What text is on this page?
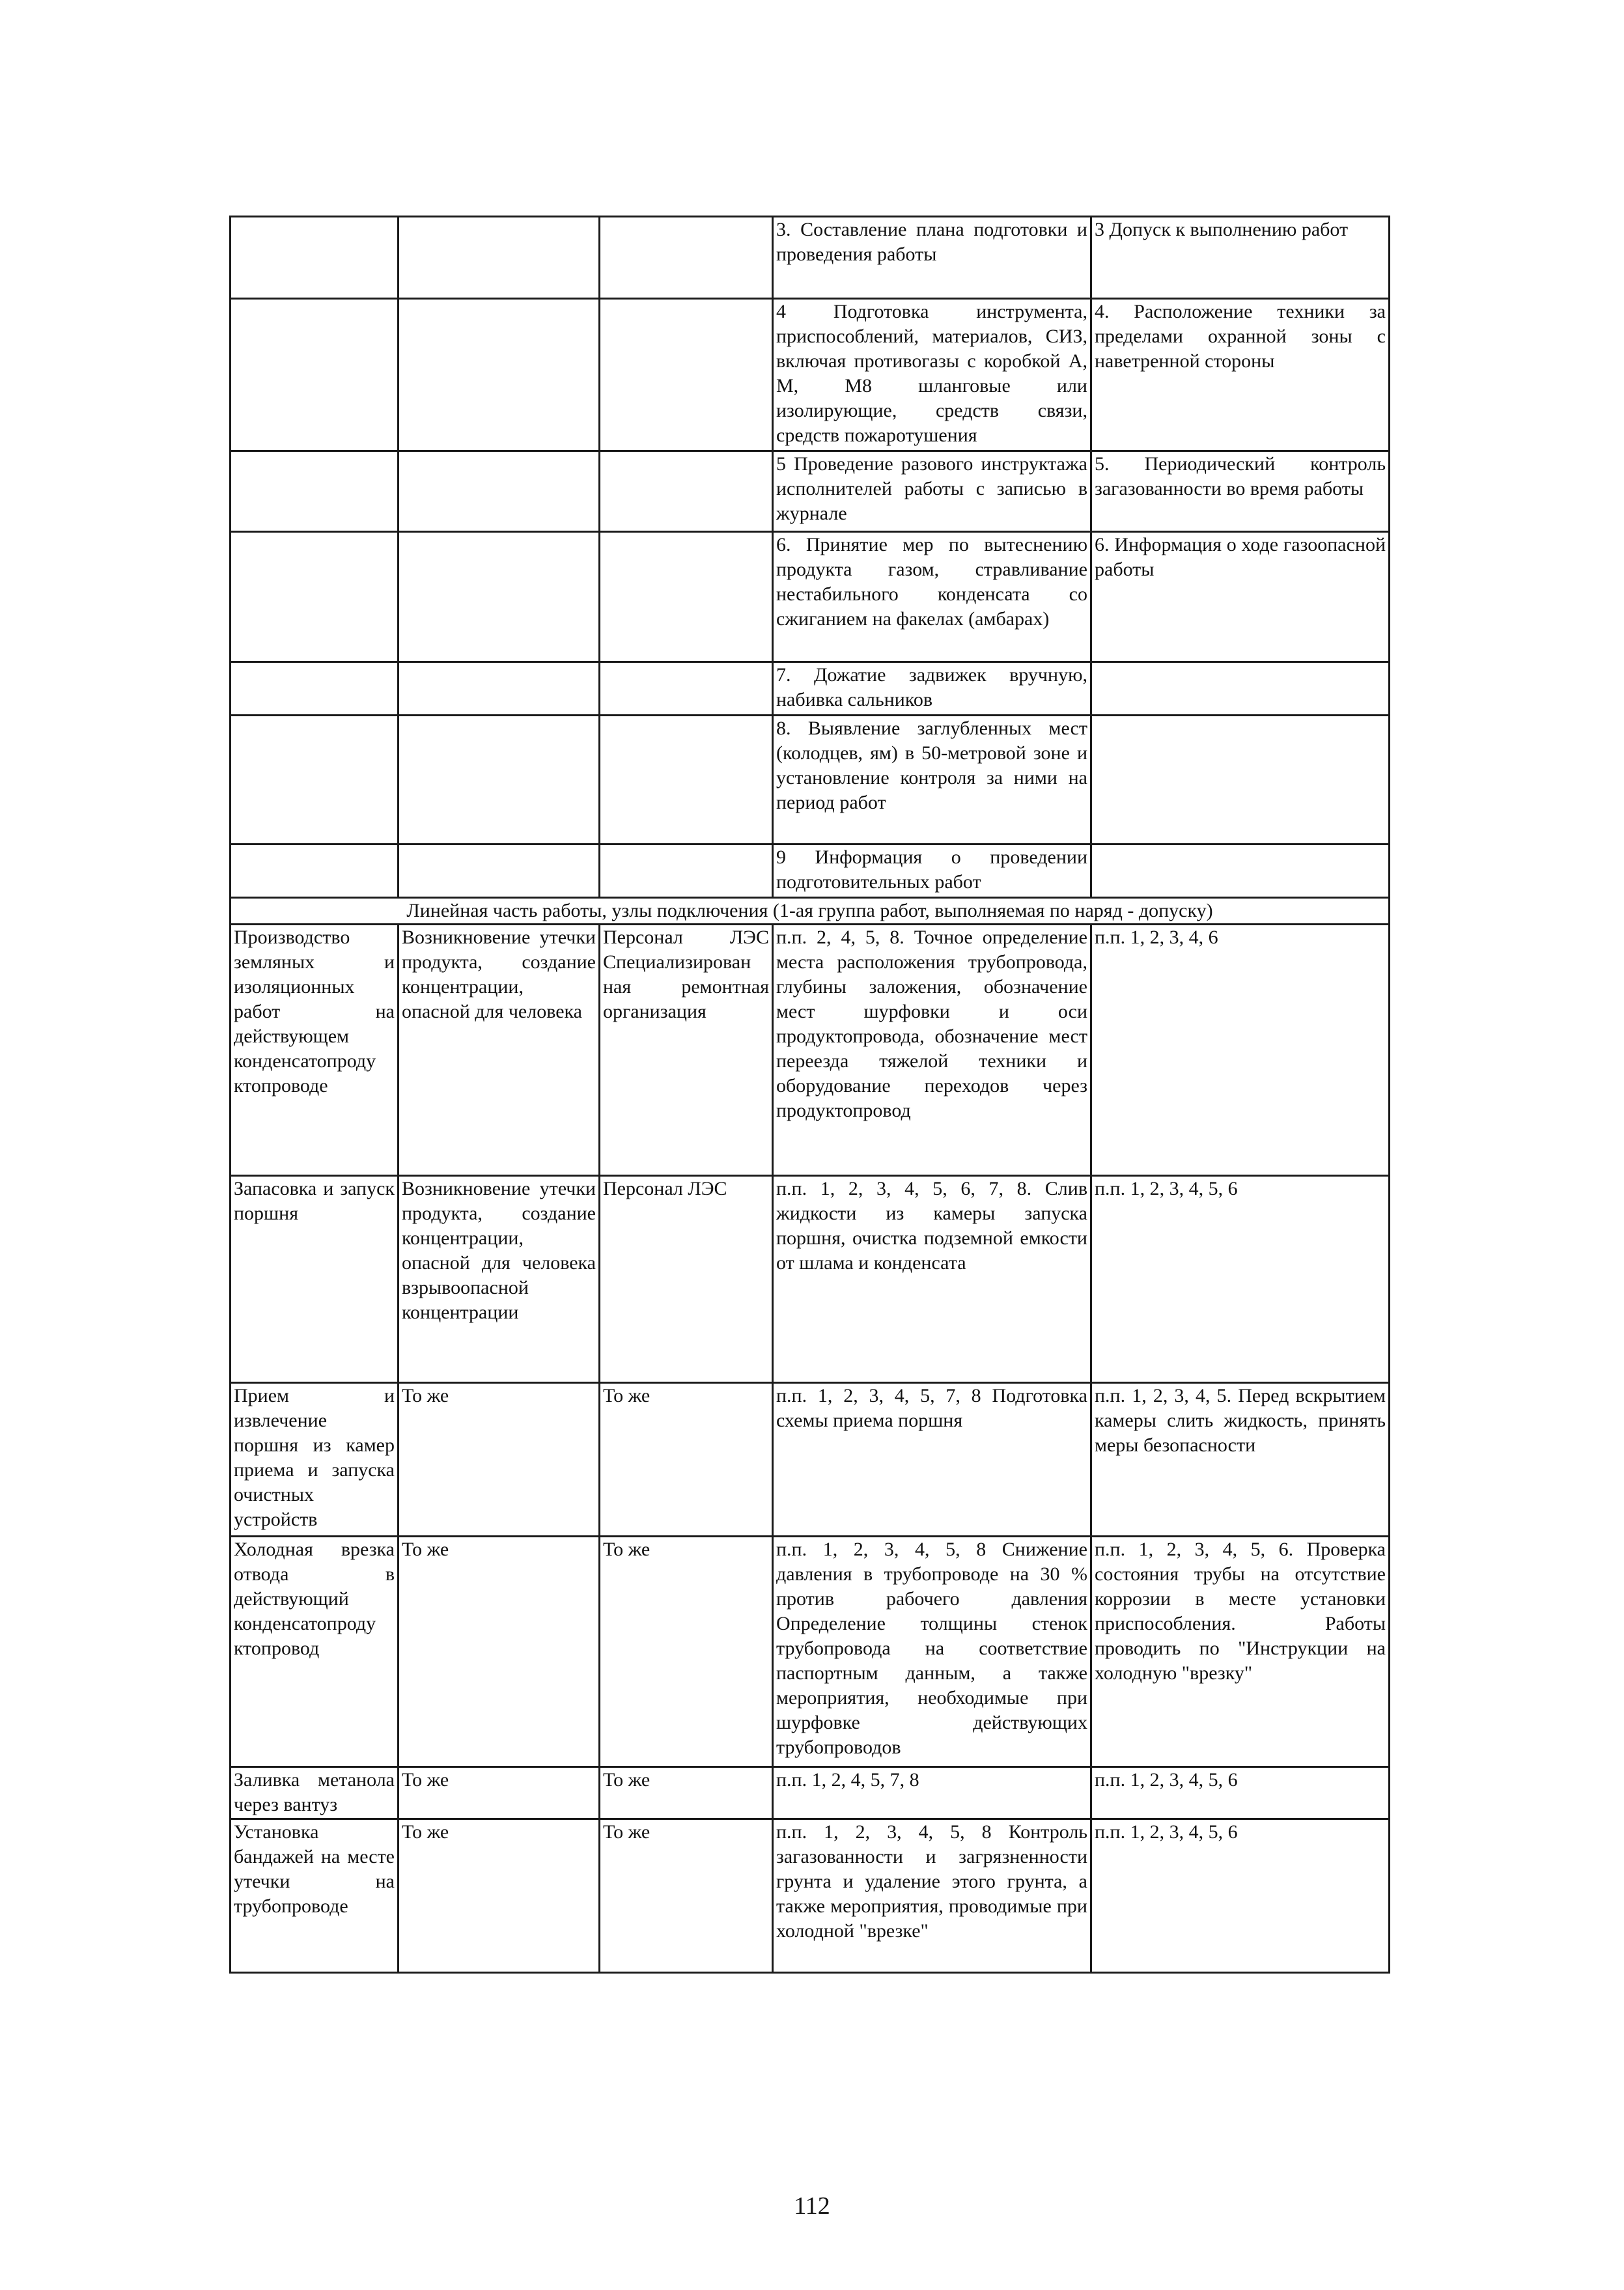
			3. Составление плана подготовки и проведения работы	3 Допуск к выполнению работ
			4 Подготовка инструмента, приспособлений, материалов, СИЗ, включая противогазы с коробкой А, М, М8 шланговые или изолирующие, средств связи, средств пожаротушения	4. Расположение техники за пределами охранной зоны с наветренной стороны
			5 Проведение разового инструктажа исполнителей работы с записью в журнале	5. Периодический контроль загазованности во время работы
			6. Принятие мер по вытеснению продукта газом, стравливание нестабильного конденсата со сжиганием на факелах (амбарах)	6. Информация о ходе газоопасной работы
			7. Дожатие задвижек вручную, набивка сальников	
			8. Выявление заглубленных мест (колодцев, ям) в 50-метровой зоне и установление контроля за ними на период работ	
			9 Информация о проведении подготовительных работ	
Линейная часть работы, узлы подключения (1-ая группа работ, выполняемая по наряд - допуску)				
Производство земляных и изоляционных работ на действующем конденсатопроду ктопроводе	Возникновение утечки продукта, создание концентрации, опасной для человека	Персонал ЛЭС Специализирован ная ремонтная организация	п.п. 2, 4, 5, 8. Точное определение места расположения трубопровода, глубины заложения, обозначение мест шурфовки и оси продуктопровода, обозначение мест переезда тяжелой техники и оборудование переходов через продуктопровод	п.п. 1, 2, 3, 4, 6
Запасовка и запуск поршня	Возникновение утечки продукта, создание концентрации, опасной для человека взрывоопасной концентрации	Персонал ЛЭС	п.п. 1, 2, 3, 4, 5, 6, 7, 8. Слив жидкости из камеры запуска поршня, очистка подземной емкости от шлама и конденсата	п.п. 1, 2, 3, 4, 5, 6
Прием и извлечение поршня из камер приема и запуска очистных устройств	То же	То же	п.п. 1, 2, 3, 4, 5, 7, 8 Подготовка схемы приема поршня	п.п. 1, 2, 3, 4, 5. Перед вскрытием камеры слить жидкость, принять меры безопасности
Холодная врезка отвода в действующий конденсатопроду ктопровод	То же	То же	п.п. 1, 2, 3, 4, 5, 8 Снижение давления в трубопроводе на 30 % против рабочего давления Определение толщины стенок трубопровода на соответствие паспортным данным, а также мероприятия, необходимые при шурфовке действующих трубопроводов	п.п. 1, 2, 3, 4, 5, 6. Проверка состояния трубы на отсутствие коррозии в месте установки приспособления. Работы проводить по "Инструкции на холодную "врезку"
Заливка метанола через вантуз	То же	То же	п.п. 1, 2, 4, 5, 7, 8	п.п. 1, 2, 3, 4, 5, 6
Установка бандажей на месте утечки на трубопроводе	То же	То же	п.п. 1, 2, 3, 4, 5, 8 Контроль загазованности и загрязненности грунта и удаление этого грунта, а также мероприятия, проводимые при холодной "врезке"	п.п. 1, 2, 3, 4, 5, 6
112
